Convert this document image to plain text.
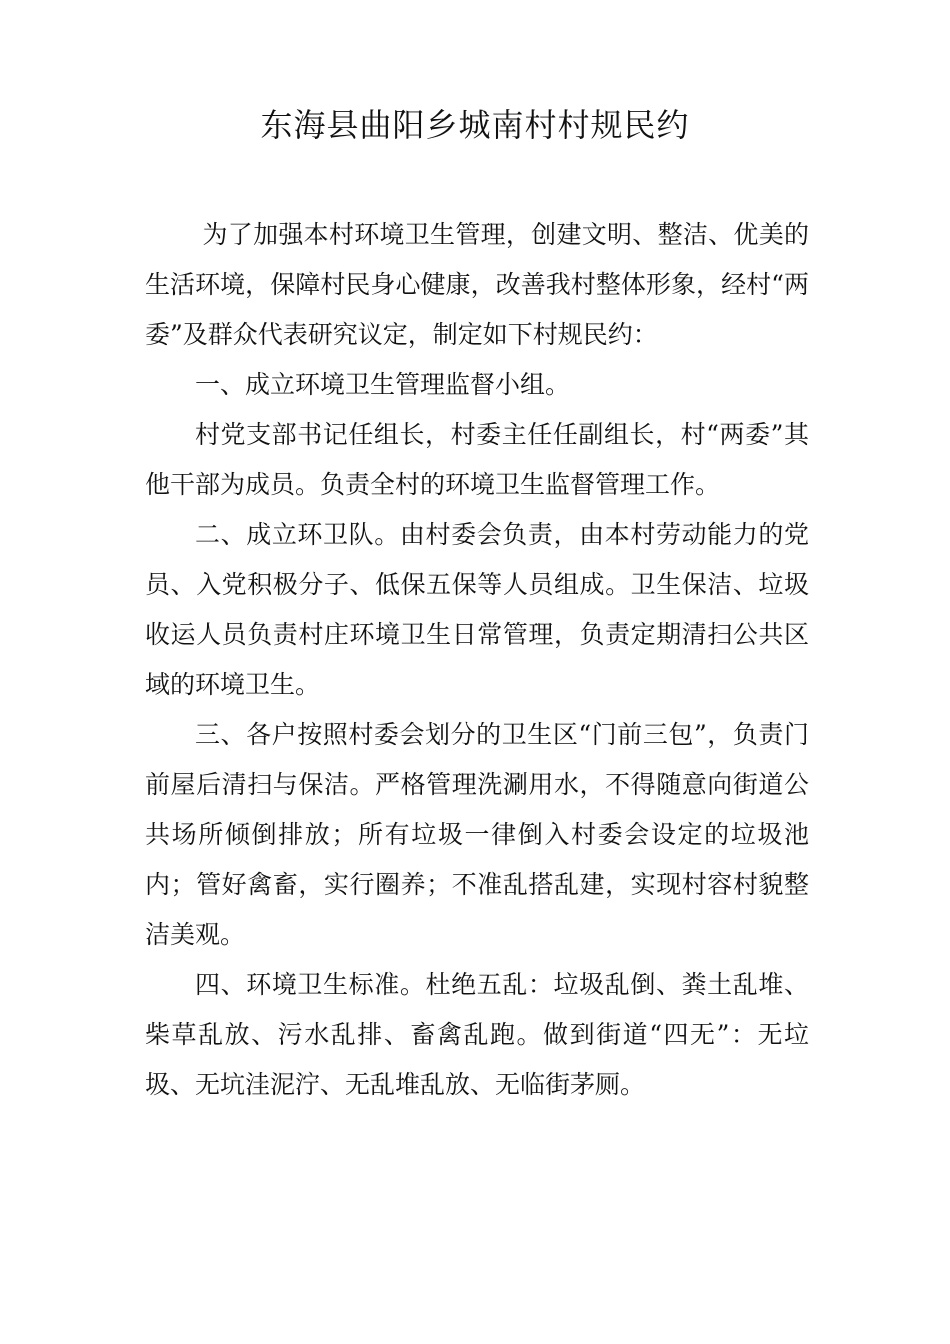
东海县曲阳乡城南村村规民约

为了加强本村环境卫生管理，创建文明、整洁、优美的生活环境，保障村民身心健康，改善我村整体形象，经村“两委”及群众代表研究议定，制定如下村规民约：

一、成立环境卫生管理监督小组。

村党支部书记任组长，村委主任任副组长，村“两委”其他干部为成员。负责全村的环境卫生监督管理工作。

二、成立环卫队。由村委会负责，由本村劳动能力的党员、入党积极分子、低保五保等人员组成。卫生保洁、垃圾收运人员负责村庄环境卫生日常管理，负责定期清扫公共区域的环境卫生。

三、各户按照村委会划分的卫生区“门前三包”，负责门前屋后清扫与保洁。严格管理洗涮用水，不得随意向街道公共场所倾倒排放；所有垃圾一律倒入村委会设定的垃圾池内；管好禽畜，实行圈养；不准乱搭乱建，实现村容村貌整洁美观。

四、环境卫生标准。杜绝五乱：垃圾乱倒、粪土乱堆、柴草乱放、污水乱排、畜禽乱跑。做到街道“四无”：无垃圾、无坑洼泥泞、无乱堆乱放、无临街茅厕。
